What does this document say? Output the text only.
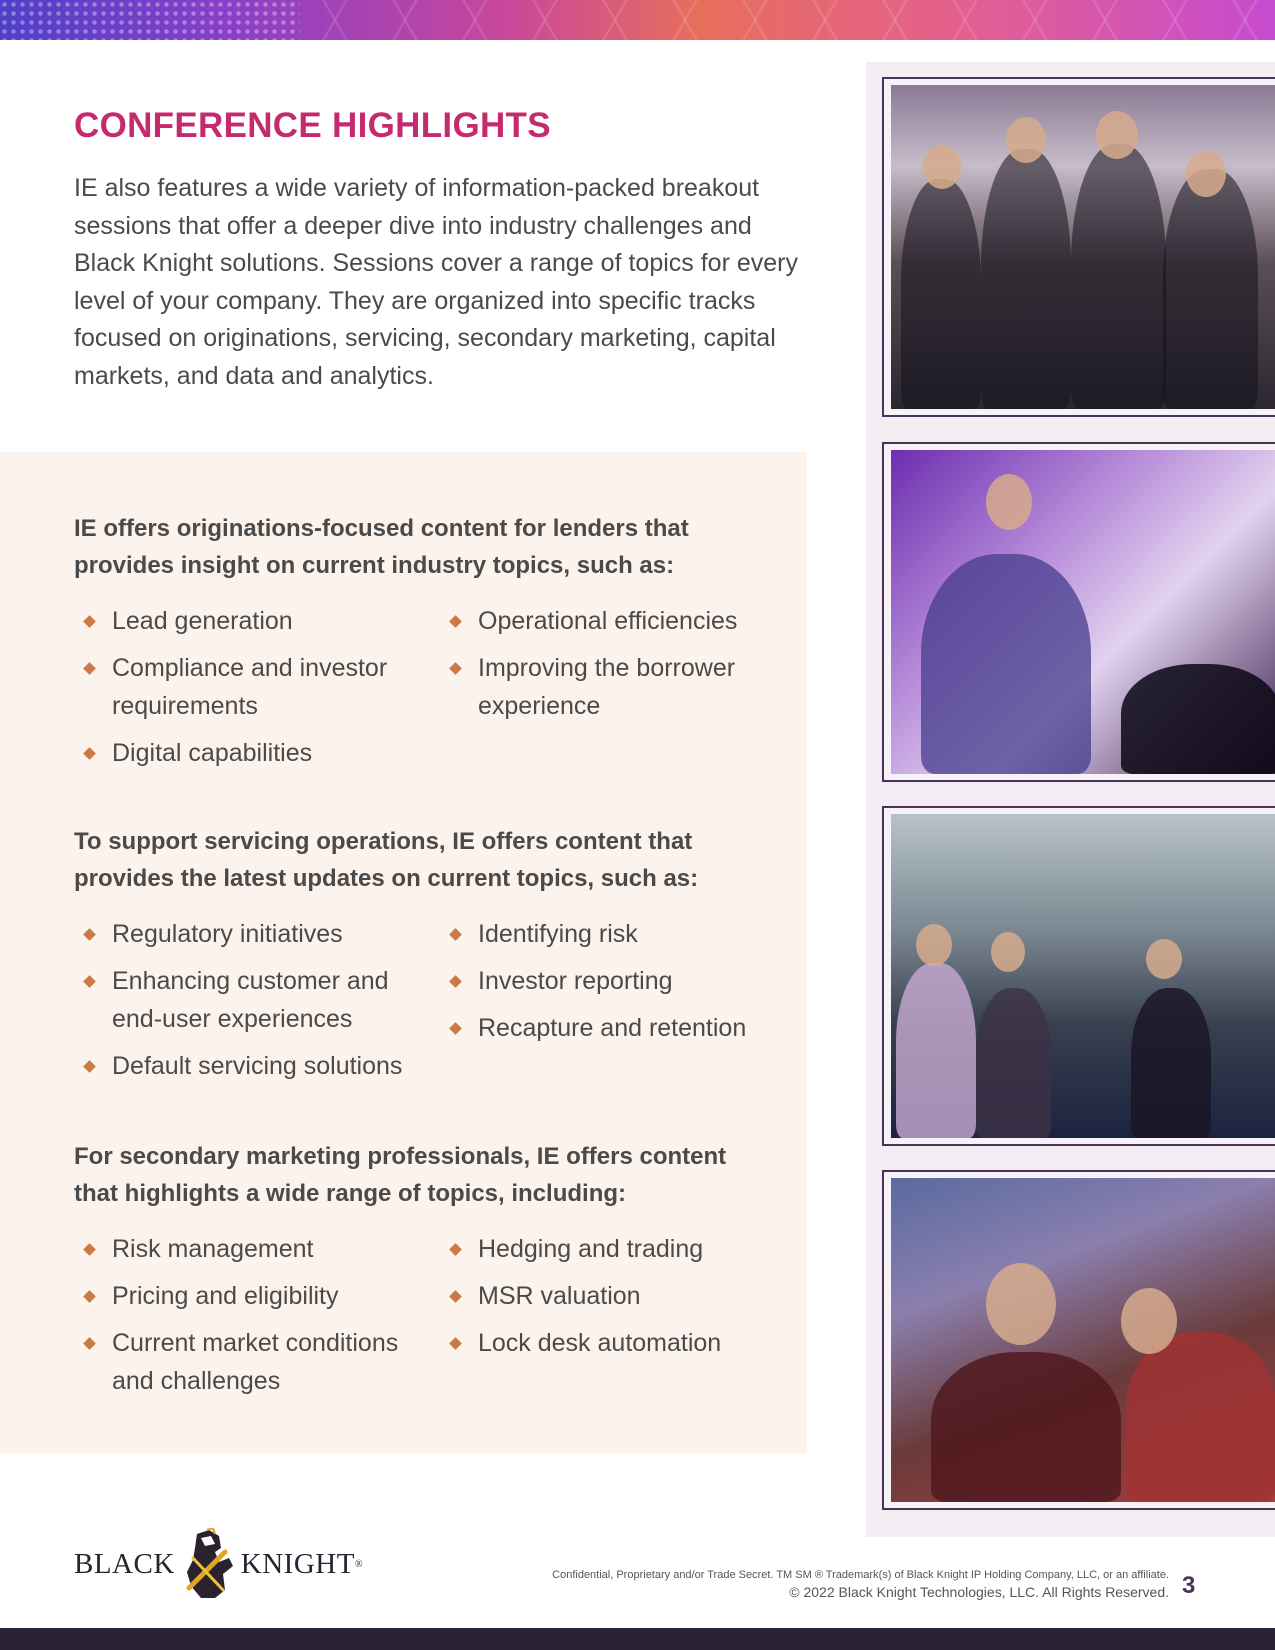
CONFERENCE HIGHLIGHTS

IE also features a wide variety of information-packed breakout sessions that offer a deeper dive into industry challenges and Black Knight solutions. Sessions cover a range of topics for every level of your company. They are organized into specific tracks focused on originations, servicing, secondary marketing, capital markets, and data and analytics.

IE offers originations-focused content for lenders that provides insight on current industry topics, such as:
Lead generation
Compliance and investor requirements
Digital capabilities
Operational efficiencies
Improving the borrower experience
To support servicing operations, IE offers content that provides the latest updates on current topics, such as:
Regulatory initiatives
Enhancing customer and end-user experiences
Default servicing solutions
Identifying risk
Investor reporting
Recapture and retention
For secondary marketing professionals, IE offers content that highlights a wide range of topics, including:
Risk management
Pricing and eligibility
Current market conditions and challenges
Hedging and trading
MSR valuation
Lock desk automation
BLACK KNIGHT ®
Confidential, Proprietary and/or Trade Secret. TM SM ® Trademark(s) of Black Knight IP Holding Company, LLC, or an affiliate.
© 2022 Black Knight Technologies, LLC. All Rights Reserved. 3
